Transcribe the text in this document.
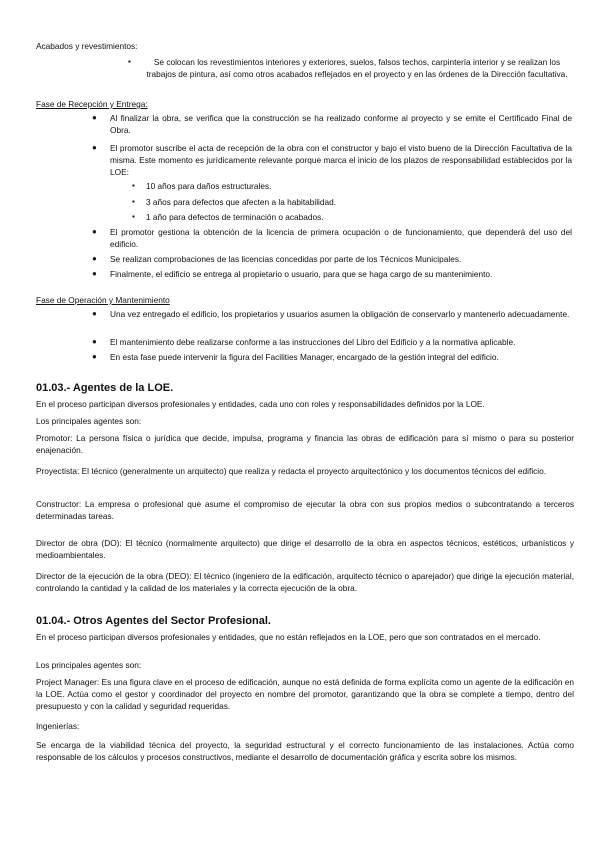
Acabados y revestimientos:

▪	Se colocan los revestimientos interiores y exteriores, suelos, falsos techos, carpintería interior y se realizan los trabajos de pintura, así como otros acabados reflejados en el proyecto y en las órdenes de la Dirección facultativa.

Fase de Recepción y Entrega:

● Al finalizar la obra, se verifica que la construcción se ha realizado conforme al proyecto y se emite el Certificado Final de Obra.

● El promotor suscribe el acta de recepción de la obra con el constructor y bajo el visto bueno de la Dirección Facultativa de la misma. Este momento es jurídicamente relevante porque marca el inicio de los plazos de responsabilidad establecidos por la LOE:

▪ 10 años para daños estructurales.

▪ 3 años para defectos que afecten a la habitabilidad.

▪ 1 año para defectos de terminación o acabados.

● El promotor gestiona la obtención de la licencia de primera ocupación o de funcionamiento, que dependerá del uso del edificio.

● Se realizan comprobaciones de las licencias concedidas por parte de los Técnicos Municipales.

● Finalmente, el edificio se entrega al propietario o usuario, para que se haga cargo de su mantenimiento.

Fase de Operación y Mantenimiento

● Una vez entregado el edificio, los propietarios y usuarios asumen la obligación de conservarlo y mantenerlo adecuadamente.

● El mantenimiento debe realizarse conforme a las instrucciones del Libro del Edificio y a la normativa aplicable.

● En esta fase puede intervenir la figura del Facilities Manager, encargado de la gestión integral del edificio.

01.03.- Agentes de la LOE.

En el proceso participan diversos profesionales y entidades, cada uno con roles y responsabilidades definidos por la LOE.

Los principales agentes son:

Promotor: La persona física o jurídica que decide, impulsa, programa y financia las obras de edificación para sí mismo o para su posterior enajenación.

Proyectista: El técnico (generalmente un arquitecto) que realiza y redacta el proyecto arquitectónico y los documentos técnicos del edificio.

Constructor: La empresa o profesional que asume el compromiso de ejecutar la obra con sus propios medios o subcontratando a terceros determinadas tareas.

Director de obra (DO): El técnico (normalmente arquitecto) que dirige el desarrollo de la obra en aspectos técnicos, estéticos, urbanísticos y medioambientales.

Director de la ejecución de la obra (DEO): El técnico (ingeniero de la edificación, arquitecto técnico o aparejador) que dirige la ejecución material, controlando la cantidad y la calidad de los materiales y la correcta ejecución de la obra.

01.04.- Otros Agentes del Sector Profesional.

En el proceso participan diversos profesionales y entidades, que no están reflejados en la LOE, pero que son contratados en el mercado.

Los principales agentes son:

Project Manager: Es una figura clave en el proceso de edificación, aunque no está definida de forma explícita como un agente de la edificación en la LOE. Actúa como el gestor y coordinador del proyecto en nombre del promotor, garantizando que la obra se complete a tiempo, dentro del presupuesto y con la calidad y seguridad requeridas.

Ingenierías:

Se encarga de la viabilidad técnica del proyecto, la seguridad estructural y el correcto funcionamiento de las instalaciones. Actúa como responsable de los cálculos y procesos constructivos, mediante el desarrollo de documentación gráfica y escrita sobre los mismos.
